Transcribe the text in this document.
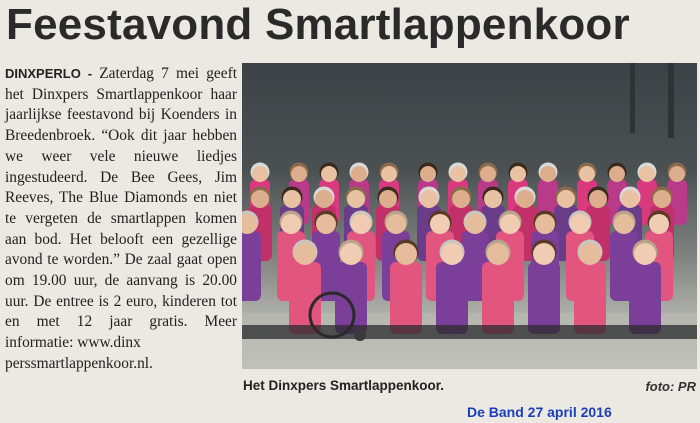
Feestavond Smartlappenkoor

DINXPERLO - Zaterdag 7 mei geeft het Dinxpers Smartlappenkoor haar jaarlijkse feestavond bij Koenders in Breedenbroek. “Ook dit jaar hebben we weer vele nieuwe liedjes ingestudeerd. De Bee Gees, Jim Reeves, The Blue Diamonds en niet te vergeten de smartlappen komen aan bod. Het belooft een gezellige avond te worden.” De zaal gaat open om 19.00 uur, de aanvang is 20.00 uur. De entree is 2 euro, kinderen tot en met 12 jaar gratis. Meer informatie: www.dinx
perssmartlappenkoor.nl.

Het Dinxpers Smartlappenkoor.	foto: PR
De Band 27 april 2016
